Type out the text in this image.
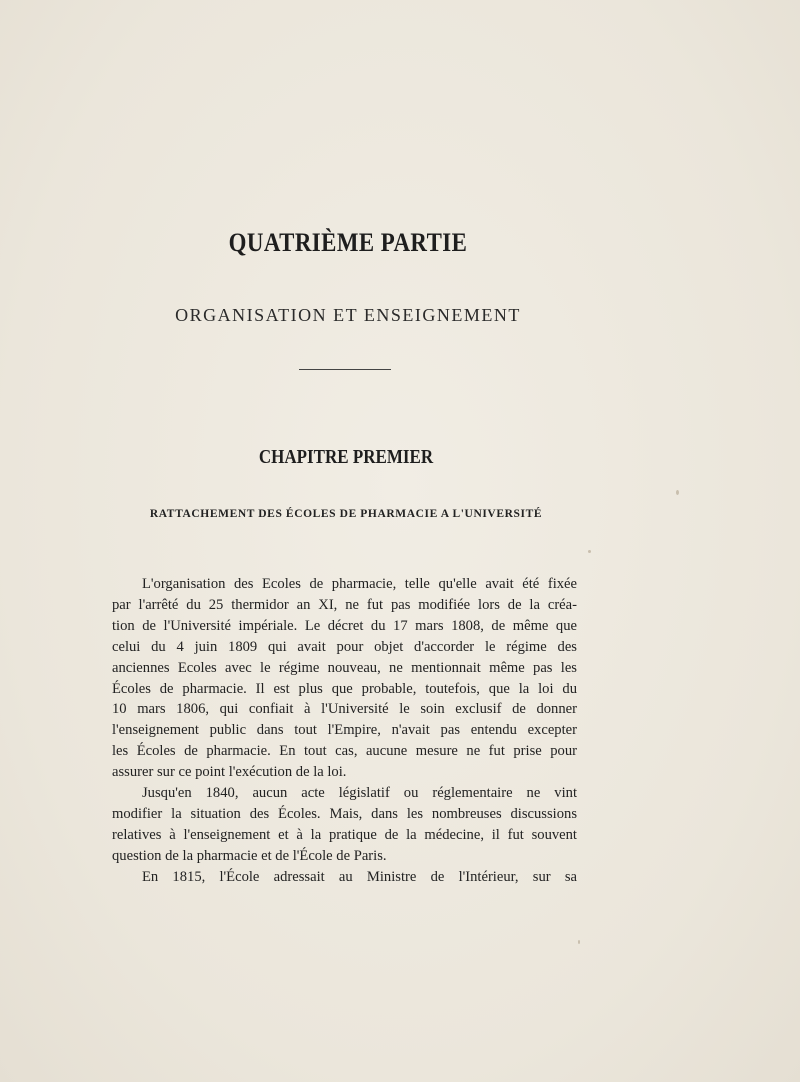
QUATRIÈME PARTIE
ORGANISATION ET ENSEIGNEMENT
CHAPITRE PREMIER
RATTACHEMENT DES ÉCOLES DE PHARMACIE A L'UNIVERSITÉ
L'organisation des Ecoles de pharmacie, telle qu'elle avait été fixée
par l'arrêté du 25 thermidor an XI, ne fut pas modifiée lors de la créa-
tion de l'Université impériale. Le décret du 17 mars 1808, de même que
celui du 4 juin 1809 qui avait pour objet d'accorder le régime des
anciennes Ecoles avec le régime nouveau, ne mentionnait même pas les
Écoles de pharmacie. Il est plus que probable, toutefois, que la loi du
10 mars 1806, qui confiait à l'Université le soin exclusif de donner
l'enseignement public dans tout l'Empire, n'avait pas entendu excepter
les Écoles de pharmacie. En tout cas, aucune mesure ne fut prise pour
assurer sur ce point l'exécution de la loi.
Jusqu'en 1840, aucun acte législatif ou réglementaire ne vint
modifier la situation des Écoles. Mais, dans les nombreuses discussions
relatives à l'enseignement et à la pratique de la médecine, il fut souvent
question de la pharmacie et de l'École de Paris.
En 1815, l'École adressait au Ministre de l'Intérieur, sur sa
